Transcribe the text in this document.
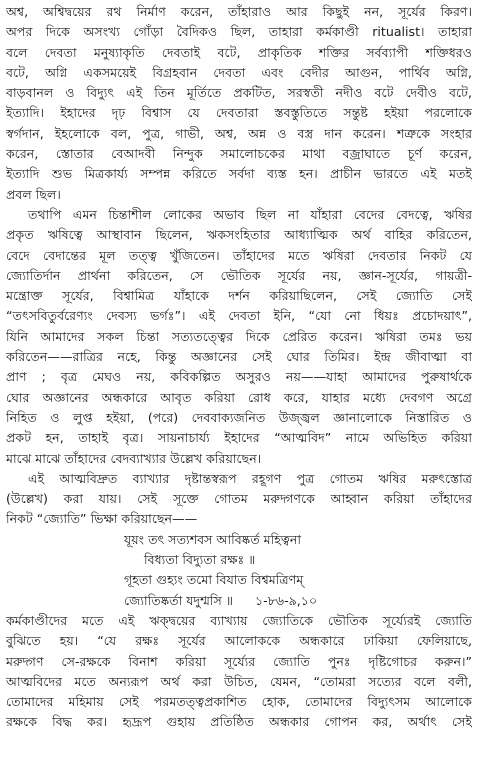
অশ্ব, অশ্বিদ্বয়ের রথ নির্মাণ করেন, তাঁহারাও আর কিছুই নন, সূর্যের কিরণ।
অপর দিকে অসংখ্য গোঁড়া বৈদিকও ছিল, তাহারা কর্মকাণ্ডী ritualist। তাহারা
বলে দেবতা মনুষ্যাকৃতি দেবতাই বটে, প্রাকৃতিক শক্তির সর্বব্যাপী শক্তিধরও
বটে, অগ্নি একসময়েই বিগ্রহবান দেবতা এবং বেদীর আগুন, পার্থিব অগ্নি,
বাড়বানল ও বিদ্যুৎ এই তিন মূর্তিতে প্রকটিত, সরস্বতী নদীও বটে দেবীও বটে,
ইত্যাদি। ইহাদের দৃঢ় বিশ্বাস যে দেবতারা স্তবস্তুতিতে সন্তুষ্ট হইয়া পরলোকে
স্বর্গদান, ইহলোকে বল, পুত্র, গাভী, অশ্ব, অন্ন ও বস্ত্র দান করেন। শত্রুকে সংহার
করেন, স্তোতার বেআদবী নিন্দুক সমালোচকের মাথা বজ্রাঘাতে চূর্ণ করেন,
ইত্যাদি শুভ মিত্রকার্য্য সম্পন্ন করিতে সর্বদা ব্যস্ত হন। প্রাচীন ভারতে এই মতই
প্রবল ছিল।
তথাপি এমন চিন্তাশীল লোকের অভাব ছিল না যাঁহারা বেদের বেদত্বে, ঋষির
প্রকৃত ঋষিত্বে আস্থাবান ছিলেন, ঋকসংহিতার আধ্যাত্মিক অর্থ বাহির করিতেন,
বেদে বেদান্তের মূল তত্ত্ব খুঁজিতেন। তাঁহাদের মতে ঋষিরা দেবতার নিকট যে
জ্যোতির্দান প্রার্থনা করিতেন, সে ভৌতিক সূর্যের নয়, জ্ঞান-সূর্যের, গায়ত্রী-
মন্ত্রোক্ত সূর্যের, বিশ্বামিত্র যাঁহাকে দর্শন করিয়াছিলেন, সেই জ্যোতি সেই
“তৎসবিতুর্বরেণ্যং দেবস্য ভর্গঃ”। এই দেবতা ইনি, “যো নো ধিয়ঃ প্রচোদয়াৎ”,
যিনি আমাদের সকল চিন্তা সত্যতত্ত্বের দিকে প্রেরিত করেন। ঋষিরা তমঃ ভয়
করিতেন——রাত্রির নহে, কিন্তু অজ্ঞানের সেই ঘোর তিমির। ইন্দ্র জীবাত্মা বা
প্রাণ ; বৃত্র মেঘও নয়, কবিকল্পিত অসুরও নয়——যাহা আমাদের পুরুষার্থকে
ঘোর অজ্ঞানের অন্ধকারে আবৃত করিয়া রোধ করে, যাহার মধ্যে দেবগণ অগ্রে
নিহিত ও লুপ্ত হইয়া, (পরে) দেববাক্যজনিত উজ্জ্বল জ্ঞানালোকে নিস্তারিত ও
প্রকট হন, তাহাই বৃত্র। সায়নাচার্য্য ইহাদের “আত্মবিদ” নামে অভিহিত করিয়া
মাঝে মাঝে তাঁহাদের বেদব্যাখ্যার উল্লেখ করিয়াছেন।
এই আত্মবিদ্রুত ব্যাখ্যার দৃষ্টান্তস্বরূপ রহূগণ পুত্র গোতম ঋষির মরুৎস্তোত্র
(উল্লেখ) করা যায়। সেই সূক্তে গোতম মরুদ্গণকে আহ্বান করিয়া তাঁহাদের
নিকট “জ্যোতি” ভিক্ষা করিয়াছেন——
যূয়ং তৎ সত্যশবস আবিষ্কর্ত মহিত্বনা
বিধ্যতা বিদ্যুতা রক্ষঃ ॥
গূহতা গুহ্যং তমো বিযাত বিশ্বমত্রিণম্
জ্যোতিষ্কর্তা যদুশ্মসি ॥ ১-৮৬-৯,১০
কর্মকাণ্ডীদের মতে এই ঋক্‌দ্বয়ের ব্যাখ্যায় জ্যোতিকে ভৌতিক সূর্য্যেরই জ্যোতি
বুঝিতে হয়। “যে রক্ষঃ সূর্যের আলোককে অন্ধকারে ঢাকিয়া ফেলিয়াছে,
মরুদ্গণ সে-রক্ষকে বিনাশ করিয়া সূর্য্যের জ্যোতি পুনঃ দৃষ্টিগোচর করুন।”
আত্মবিদের মতে অন্যরূপ অর্থ করা উচিত, যেমন, “তোমরা সত্যের বলে বলী,
তোমাদের মহিমায় সেই পরমতত্ত্বপ্রকাশিত হোক, তোমাদের বিদ্যুৎসম আলোকে
রক্ষকে বিদ্ধ কর। হৃদ্রূপ গুহায় প্রতিষ্ঠিত অন্ধকার গোপন কর, অর্থাৎ সেই
